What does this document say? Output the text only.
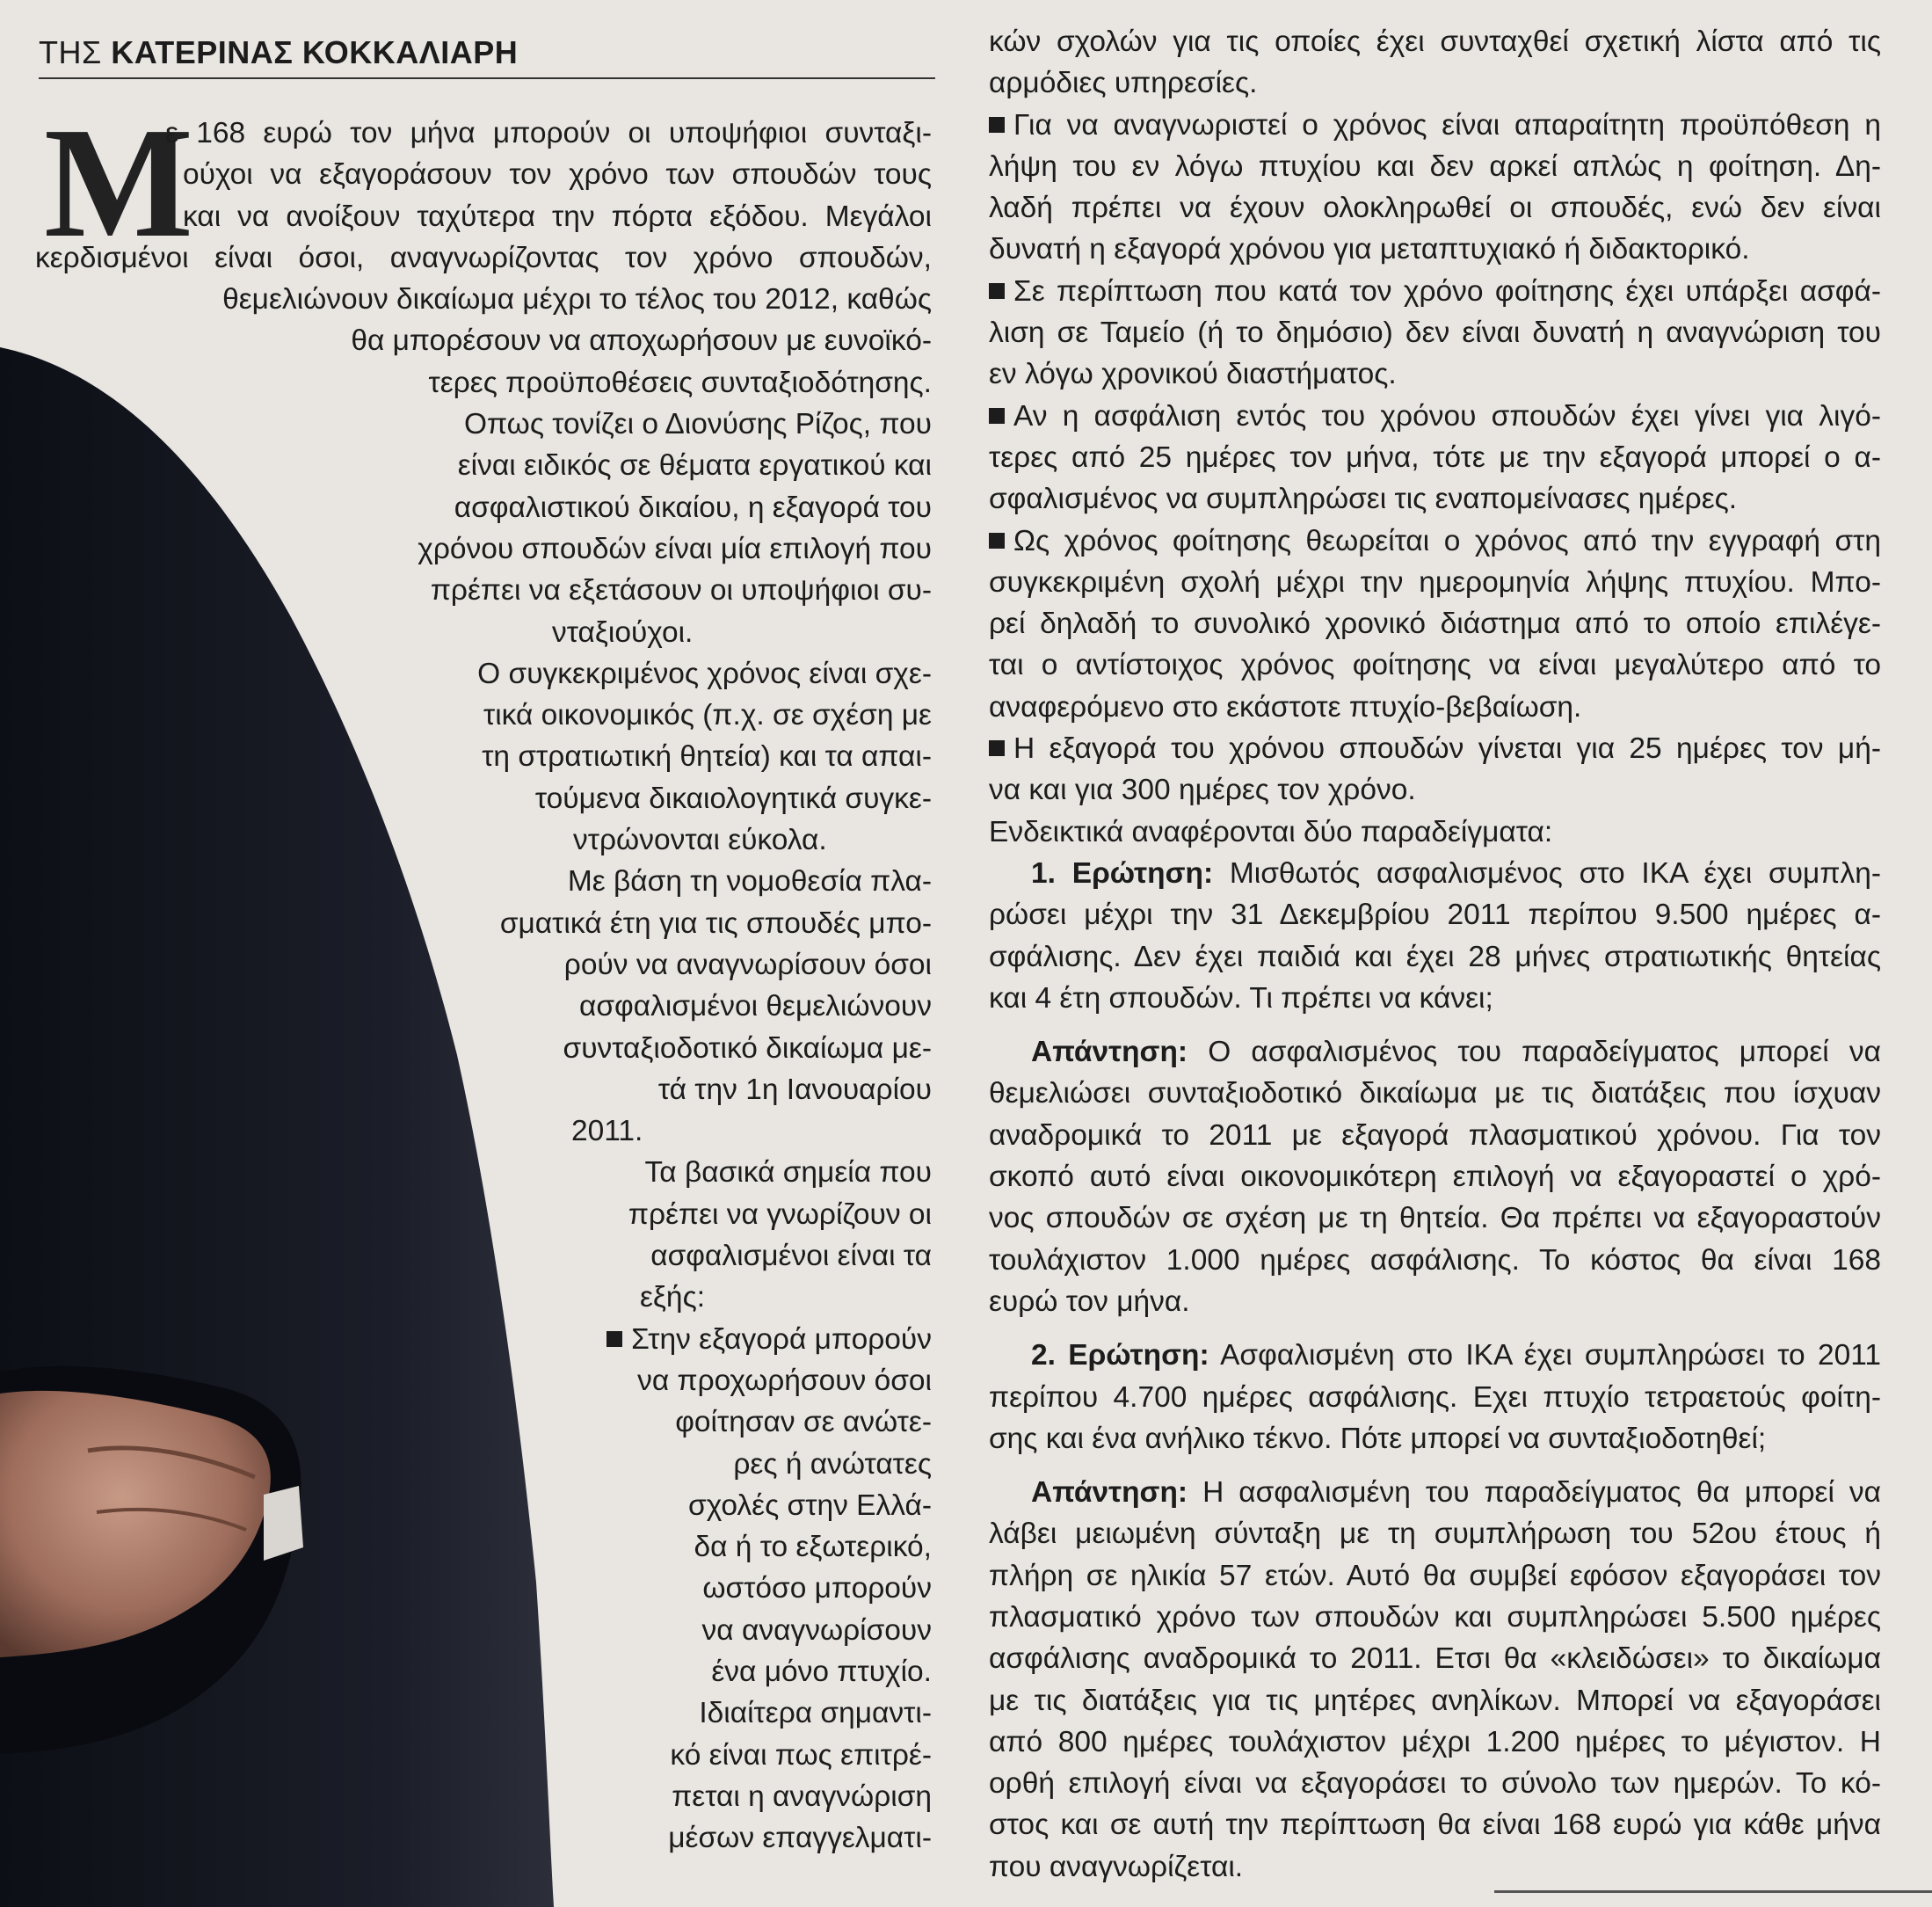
ΤΗΣ ΚΑΤΕΡΙΝΑΣ ΚΟΚΚΑΛΙΑΡΗ
Μ
ε 168 ευρώ τον μήνα μπορούν οι υποψήφιοι συνταξι-
ούχοι να εξαγοράσουν τον χρόνο των σπουδών τους
και να ανοίξουν ταχύτερα την πόρτα εξόδου. Μεγάλοι
κερδισμένοι είναι όσοι, αναγνωρίζοντας τον χρόνο σπουδών,
θεμελιώνουν δικαίωμα μέχρι το τέλος του 2012, καθώς
θα μπορέσουν να αποχωρήσουν με ευνοϊκό-
τερες προϋποθέσεις συνταξιοδότησης.
Οπως τονίζει ο Διονύσης Ρίζος, που
είναι ειδικός σε θέματα εργατικού και
ασφαλιστικού δικαίου, η εξαγορά του
χρόνου σπουδών είναι μία επιλογή που
πρέπει να εξετάσουν οι υποψήφιοι συ-
νταξιούχοι.
Ο συγκεκριμένος χρόνος είναι σχε-
τικά οικονομικός (π.χ. σε σχέση με
τη στρατιωτική θητεία) και τα απαι-
τούμενα δικαιολογητικά συγκε-
ντρώνονται εύκολα.
Με βάση τη νομοθεσία πλα-
σματικά έτη για τις σπουδές μπο-
ρούν να αναγνωρίσουν όσοι
ασφαλισμένοι θεμελιώνουν
συνταξιοδοτικό δικαίωμα με-
τά την 1η Ιανουαρίου
2011.
Τα βασικά σημεία που
πρέπει να γνωρίζουν οι
ασφαλισμένοι είναι τα
εξής:
Στην εξαγορά μπορούν
να προχωρήσουν όσοι
φοίτησαν σε ανώτε-
ρες ή ανώτατες
σχολές στην Ελλά-
δα ή το εξωτερικό,
ωστόσο μπορούν
να αναγνωρίσουν
ένα μόνο πτυχίο.
Ιδιαίτερα σημαντι-
κό είναι πως επιτρέ-
πεται η αναγνώριση
μέσων επαγγελματι-
κών σχολών για τις οποίες έχει συνταχθεί σχετική λίστα από τις
αρμόδιες υπηρεσίες.
Για να αναγνωριστεί ο χρόνος είναι απαραίτητη προϋπόθεση η
λήψη του εν λόγω πτυχίου και δεν αρκεί απλώς η φοίτηση. Δη-
λαδή πρέπει να έχουν ολοκληρωθεί οι σπουδές, ενώ δεν είναι
δυνατή η εξαγορά χρόνου για μεταπτυχιακό ή διδακτορικό.
Σε περίπτωση που κατά τον χρόνο φοίτησης έχει υπάρξει ασφά-
λιση σε Ταμείο (ή το δημόσιο) δεν είναι δυνατή η αναγνώριση του
εν λόγω χρονικού διαστήματος.
Αν η ασφάλιση εντός του χρόνου σπουδών έχει γίνει για λιγό-
τερες από 25 ημέρες τον μήνα, τότε με την εξαγορά μπορεί ο α-
σφαλισμένος να συμπληρώσει τις εναπομείνασες ημέρες.
Ως χρόνος φοίτησης θεωρείται ο χρόνος από την εγγραφή στη
συγκεκριμένη σχολή μέχρι την ημερομηνία λήψης πτυχίου. Μπο-
ρεί δηλαδή το συνολικό χρονικό διάστημα από το οποίο επιλέγε-
ται ο αντίστοιχος χρόνος φοίτησης να είναι μεγαλύτερο από το
αναφερόμενο στο εκάστοτε πτυχίο-βεβαίωση.
Η εξαγορά του χρόνου σπουδών γίνεται για 25 ημέρες τον μή-
να και για 300 ημέρες τον χρόνο.
Ενδεικτικά αναφέρονται δύο παραδείγματα:
1. Ερώτηση: Μισθωτός ασφαλισμένος στο ΙΚΑ έχει συμπλη-
ρώσει μέχρι την 31 Δεκεμβρίου 2011 περίπου 9.500 ημέρες α-
σφάλισης. Δεν έχει παιδιά και έχει 28 μήνες στρατιωτικής θητείας
και 4 έτη σπουδών. Τι πρέπει να κάνει;
Απάντηση: Ο ασφαλισμένος του παραδείγματος μπορεί να
θεμελιώσει συνταξιοδοτικό δικαίωμα με τις διατάξεις που ίσχυαν
αναδρομικά το 2011 με εξαγορά πλασματικού χρόνου. Για τον
σκοπό αυτό είναι οικονομικότερη επιλογή να εξαγοραστεί ο χρό-
νος σπουδών σε σχέση με τη θητεία. Θα πρέπει να εξαγοραστούν
τουλάχιστον 1.000 ημέρες ασφάλισης. Το κόστος θα είναι 168
ευρώ τον μήνα.
2. Ερώτηση: Ασφαλισμένη στο ΙΚΑ έχει συμπληρώσει το 2011
περίπου 4.700 ημέρες ασφάλισης. Εχει πτυχίο τετραετούς φοίτη-
σης και ένα ανήλικο τέκνο. Πότε μπορεί να συνταξιοδοτηθεί;
Απάντηση: Η ασφαλισμένη του παραδείγματος θα μπορεί να
λάβει μειωμένη σύνταξη με τη συμπλήρωση του 52ου έτους ή
πλήρη σε ηλικία 57 ετών. Αυτό θα συμβεί εφόσον εξαγοράσει τον
πλασματικό χρόνο των σπουδών και συμπληρώσει 5.500 ημέρες
ασφάλισης αναδρομικά το 2011. Ετσι θα «κλειδώσει» το δικαίωμα
με τις διατάξεις για τις μητέρες ανηλίκων. Μπορεί να εξαγοράσει
από 800 ημέρες τουλάχιστον μέχρι 1.200 ημέρες το μέγιστον. Η
ορθή επιλογή είναι να εξαγοράσει το σύνολο των ημερών. Το κό-
στος και σε αυτή την περίπτωση θα είναι 168 ευρώ για κάθε μήνα
που αναγνωρίζεται.
